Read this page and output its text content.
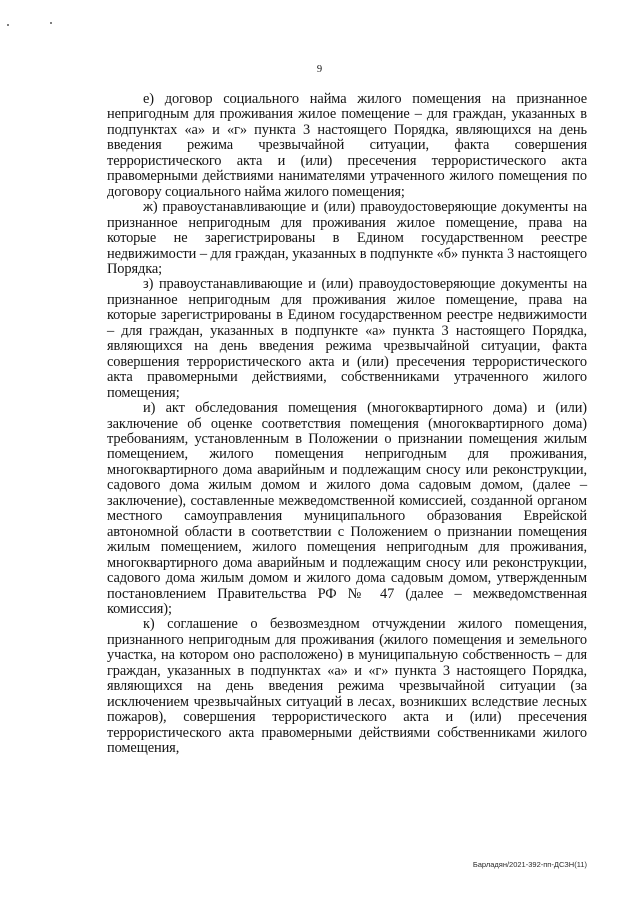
9

е) договор социального найма жилого помещения на признанное непригодным для проживания жилое помещение – для граждан, указанных в подпунктах «а» и «г» пункта 3 настоящего Порядка, являющихся на день введения режима чрезвычайной ситуации, факта совершения террористического акта и (или) пресечения террористического акта правомерными действиями нанимателями утраченного жилого помещения по договору социального найма жилого помещения;

ж) правоустанавливающие и (или) правоудостоверяющие документы на признанное непригодным для проживания жилое помещение, права на которые не зарегистрированы в Едином государственном реестре недвижимости – для граждан, указанных в подпункте «б» пункта 3 настоящего Порядка;

з) правоустанавливающие и (или) правоудостоверяющие документы на признанное непригодным для проживания жилое помещение, права на которые зарегистрированы в Едином государственном реестре недвижимости – для граждан, указанных в подпункте «а» пункта 3 настоящего Порядка, являющихся на день введения режима чрезвычайной ситуации, факта совершения террористического акта и (или) пресечения террористического акта правомерными действиями, собственниками утраченного жилого помещения;

и) акт обследования помещения (многоквартирного дома) и (или) заключение об оценке соответствия помещения (многоквартирного дома) требованиям, установленным в Положении о признании помещения жилым помещением, жилого помещения непригодным для проживания, многоквартирного дома аварийным и подлежащим сносу или реконструкции, садового дома жилым домом и жилого дома садовым домом, (далее – заключение), составленные межведомственной комиссией, созданной органом местного самоуправления муниципального образования Еврейской автономной области в соответствии с Положением о признании помещения жилым помещением, жилого помещения непригодным для проживания, многоквартирного дома аварийным и подлежащим сносу или реконструкции, садового дома жилым домом и жилого дома садовым домом, утвержденным постановлением Правительства РФ № 47 (далее – межведомственная комиссия);

к) соглашение о безвозмездном отчуждении жилого помещения, признанного непригодным для проживания (жилого помещения и земельного участка, на котором оно расположено) в муниципальную собственность – для граждан, указанных в подпунктах «а» и «г» пункта 3 настоящего Порядка, являющихся на день введения режима чрезвычайной ситуации (за исключением чрезвычайных ситуаций в лесах, возникших вследствие лесных пожаров), совершения террористического акта и (или) пресечения террористического акта правомерными действиями собственниками жилого помещения,

Барладян/2021-392-пп-ДСЗН(11)
